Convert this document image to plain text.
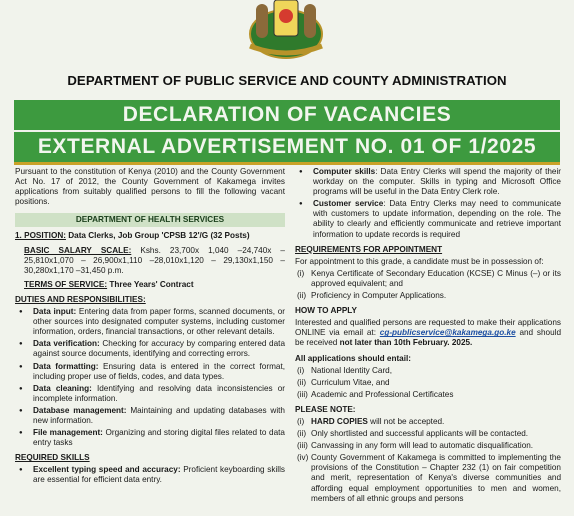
DEPARTMENT OF PUBLIC SERVICE AND COUNTY ADMINISTRATION
DECLARATION OF VACANCIES
EXTERNAL ADVERTISEMENT NO. 01 OF 1/2025

Pursuant to the constitution of Kenya (2010) and the County Government Act No. 17 of 2012, the County Government of Kakamega invites applications from suitably qualified persons to fill the following vacant positions.

DEPARTMENT OF HEALTH SERVICES

1. POSITION: Data Clerks, Job Group 'CPSB 12'/G (32 Posts)

BASIC SALARY SCALE: Kshs. 23,700x 1,040 –24,740x – 25,810x1,070 – 26,900x1,110 –28,010x1,120 – 29,130x1,150 –30,280x1,170 –31,450 p.m.

TERMS OF SERVICE: Three Years' Contract

DUTIES AND RESPONSIBILITIES:
● Data input: Entering data from paper forms, scanned documents, or other sources into designated computer systems, including customer information, orders, financial transactions, or other relevant details.
● Data verification: Checking for accuracy by comparing entered data against source documents, identifying and correcting errors.
● Data formatting: Ensuring data is entered in the correct format, including proper use of fields, codes, and data types.
● Data cleaning: Identifying and resolving data inconsistencies or incomplete information.
● Database management: Maintaining and updating databases with new information.
● File management: Organizing and storing digital files related to data entry tasks
REQUIRED SKILLS
● Excellent typing speed and accuracy: Proficient keyboarding skills are essential for efficient data entry.
● Computer skills: Data Entry Clerks will spend the majority of their workday on the computer. Skills in typing and Microsoft Office programs will be useful in the Data Entry Clerk role.
● Customer service: Data Entry Clerks may need to communicate with customers to update information, depending on the role. The ability to clearly and efficiently communicate and retrieve important information to update records is required
REQUIREMENTS FOR APPOINTMENT

For appointment to this grade, a candidate must be in possession of:

(i) Kenya Certificate of Secondary Education (KCSE) C Minus (–) or its approved equivalent; and
(ii) Proficiency in Computer Applications.
HOW TO APPLY

Interested and qualified persons are requested to make their applications ONLINE via email at: cg-publicservice@kakamega.go.ke and should be received not later than 10th February. 2025.

All applications should entail:
(i) National Identity Card,
(ii) Curriculum Vitae, and
(iii) Academic and Professional Certificates
PLEASE NOTE:
(i) HARD COPIES will not be accepted.
(ii) Only shortlisted and successful applicants will be contacted.
(iii) Canvassing in any form will lead to automatic disqualification.
(iv) County Government of Kakamega is committed to implementing the provisions of the Constitution – Chapter 232 (1) on fair competition and merit, representation of Kenya's diverse communities and affording equal employment opportunities to men and women, members of all ethnic groups and persons
